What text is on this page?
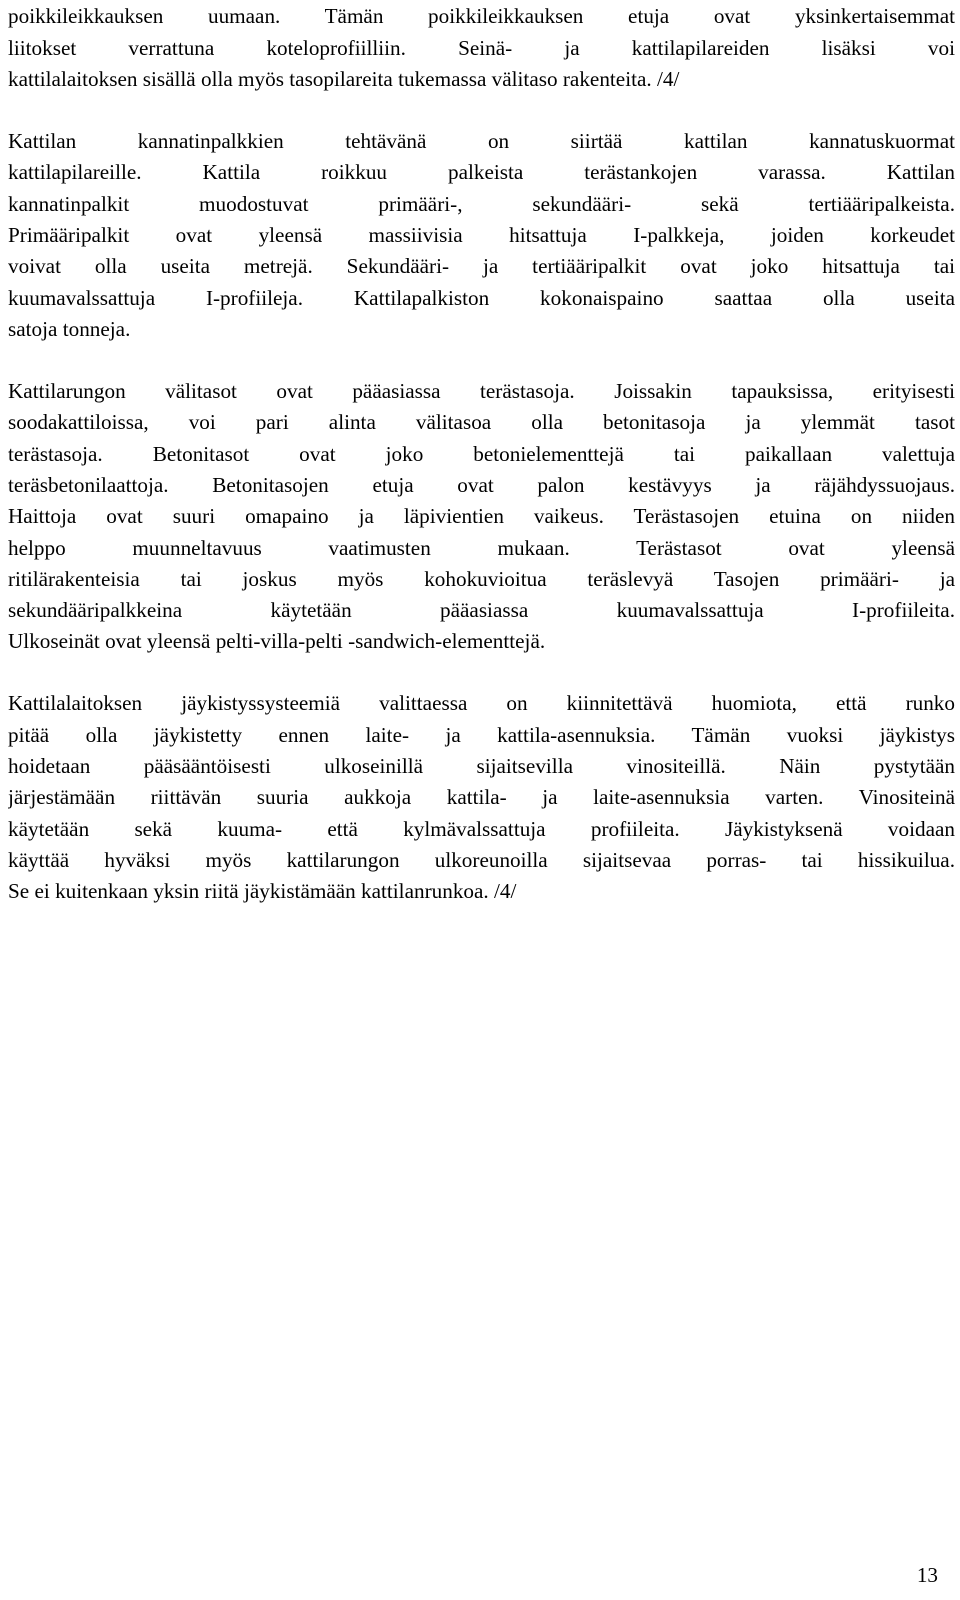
poikkileikkauksen uumaan. Tämän poikkileikkauksen etuja ovat yksinkertaisemmat
liitokset verrattuna koteloprofiilliin. Seinä- ja kattilapilareiden lisäksi voi
kattilalaitoksen sisällä olla myös tasopilareita tukemassa välitaso rakenteita. /4/
Kattilan kannatinpalkkien tehtävänä on siirtää kattilan kannatuskuormat
kattilapilareille. Kattila roikkuu palkeista terästankojen varassa. Kattilan
kannatinpalkit muodostuvat primääri-, sekundääri- sekä tertiääripalkeista.
Primääripalkit ovat yleensä massiivisia hitsattuja I-palkkeja, joiden korkeudet
voivat olla useita metrejä. Sekundääri- ja tertiääripalkit ovat joko hitsattuja tai
kuumavalssattuja I-profiileja. Kattilapalkiston kokonaispaino saattaa olla useita
satoja tonneja.
Kattilarungon välitasot ovat pääasiassa terästasoja. Joissakin tapauksissa, erityisesti
soodakattiloissa, voi pari alinta välitasoa olla betonitasoja ja ylemmät tasot
terästasoja. Betonitasot ovat joko betonielementtejä tai paikallaan valettuja
teräsbetonilaattoja. Betonitasojen etuja ovat palon kestävyys ja räjähdyssuojaus.
Haittoja ovat suuri omapaino ja läpivientien vaikeus. Terästasojen etuina on niiden
helppo muunneltavuus vaatimusten mukaan. Terästasot ovat yleensä
ritilärakenteisia tai joskus myös kohokuvioitua teräslevyä Tasojen primääri- ja
sekundääripalkkeina käytetään pääasiassa kuumavalssattuja I-profiileita.
Ulkoseinät ovat yleensä pelti-villa-pelti -sandwich-elementtejä.
Kattilalaitoksen jäykistyssysteemiä valittaessa on kiinnitettävä huomiota, että runko
pitää olla jäykistetty ennen laite- ja kattila-asennuksia. Tämän vuoksi jäykistys
hoidetaan pääsääntöisesti ulkoseinillä sijaitsevilla vinositeillä. Näin pystytään
järjestämään riittävän suuria aukkoja kattila- ja laite-asennuksia varten. Vinositeinä
käytetään sekä kuuma- että kylmävalssattuja profiileita. Jäykistyksenä voidaan
käyttää hyväksi myös kattilarungon ulkoreunoilla sijaitsevaa porras- tai hissikuilua.
Se ei kuitenkaan yksin riitä jäykistämään kattilanrunkoa. /4/
13
